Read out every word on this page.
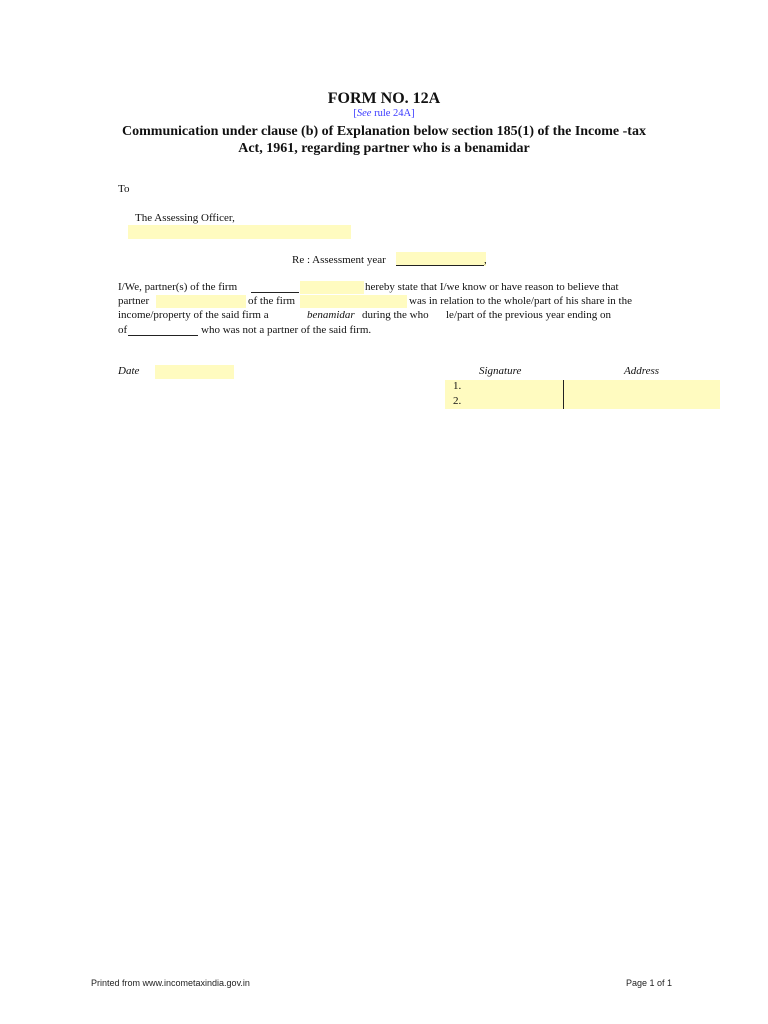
FORM NO. 12A
[See rule 24A]
Communication under clause (b) of Explanation below section 185(1) of the Income -tax
Act, 1961, regarding partner who is a benamidar
To
The Assessing Officer,
Re : Assessment year	,
I/We, partner(s) of the firm	hereby state that I/we know or have reason to believe that
partner	of the firm	was in relation to the whole/part of his share in the
income/property of the said firm a	benamidar during the who le/part of the previous year ending on
of	who was not a partner of the said firm.
Date	Signature	Address
1.
2.
Printed from www.incometaxindia.gov.in	Page 1 of 1
